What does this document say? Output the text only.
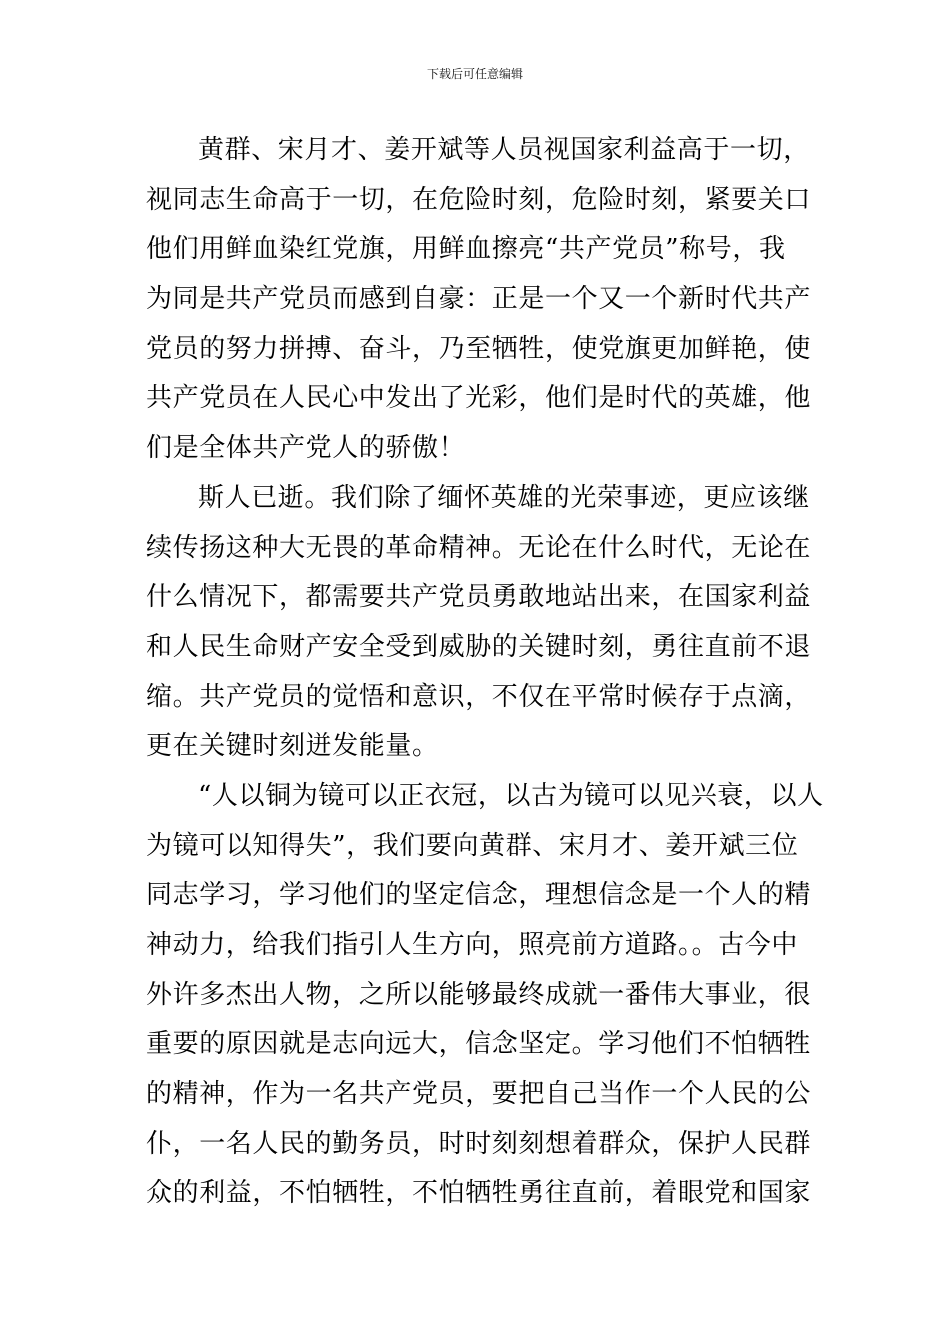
下载后可任意编辑
黄群、宋月才、姜开斌等人员视国家利益高于一切，
视同志生命高于一切，在危险时刻，危险时刻，紧要关口
他们用鲜血染红党旗，用鲜血擦亮“共产党员”称号，我
为同是共产党员而感到自豪：正是一个又一个新时代共产
党员的努力拼搏、奋斗，乃至牺牲，使党旗更加鲜艳，使
共产党员在人民心中发出了光彩，他们是时代的英雄，他
们是全体共产党人的骄傲！
斯人已逝。我们除了缅怀英雄的光荣事迹，更应该继
续传扬这种大无畏的革命精神。无论在什么时代，无论在
什么情况下，都需要共产党员勇敢地站出来，在国家利益
和人民生命财产安全受到威胁的关键时刻，勇往直前不退
缩。共产党员的觉悟和意识，不仅在平常时候存于点滴，
更在关键时刻迸发能量。
“人以铜为镜可以正衣冠，以古为镜可以见兴衰，以人
为镜可以知得失”，我们要向黄群、宋月才、姜开斌三位
同志学习，学习他们的坚定信念，理想信念是一个人的精
神动力，给我们指引人生方向，照亮前方道路。。古今中
外许多杰出人物，之所以能够最终成就一番伟大事业，很
重要的原因就是志向远大，信念坚定。学习他们不怕牺牲
的精神，作为一名共产党员，要把自己当作一个人民的公
仆，一名人民的勤务员，时时刻刻想着群众，保护人民群
众的利益，不怕牺牲，不怕牺牲勇往直前，着眼党和国家
